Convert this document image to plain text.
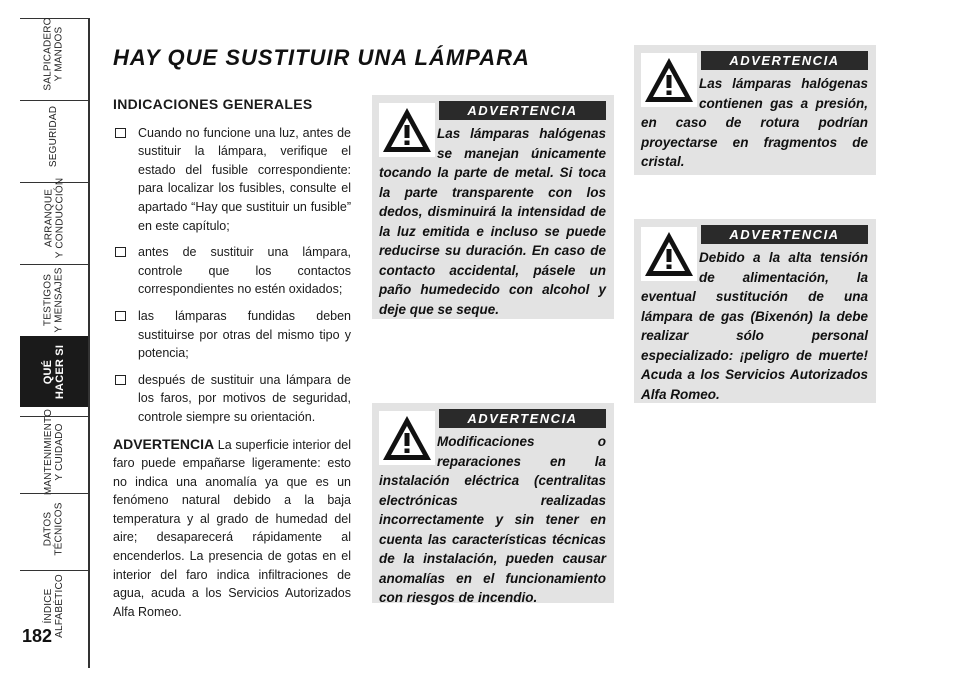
SALPICADERO
Y MANDOS
SEGURIDAD
ARRANQUE
Y CONDUCCIÓN
TESTIGOS
Y MENSAJES
QUÉ
HACER SI
MANTENIMIENTO
Y CUIDADO
DATOS
TÉCNICOS
ÍNDICE
ALFABÉTICO
182
HAY QUE SUSTITUIR UNA LÁMPARA
INDICACIONES GENERALES
Cuando no funcione una luz, antes de sustituir la lámpara, verifique el estado del fusible correspondiente: para localizar los fusibles, consulte el apartado “Hay que sustituir un fusible” en este capítulo;
antes de sustituir una lámpara, controle que los contactos correspondientes no estén oxidados;
las lámparas fundidas deben sustituirse por otras del mismo tipo y potencia;
después de sustituir una lámpara de los faros, por motivos de seguridad, controle siempre su orientación.
ADVERTENCIA La superficie interior del faro puede empañarse ligeramente: esto no indica una anomalía ya que es un fenómeno natural debido a la baja temperatura y al grado de humedad del aire; desaparecerá rápidamente al encenderlos. La presencia de gotas en el interior del faro indica infiltraciones de agua, acuda a los Servicios Autorizados Alfa Romeo.
ADVERTENCIA
Las lámparas halógenas se manejan únicamente tocando la parte de metal. Si toca la parte transparente con los dedos, disminuirá la intensidad de la luz emitida e incluso se puede reducirse su duración. En caso de contacto accidental, pásele un paño humedecido con alcohol y deje que se seque.
ADVERTENCIA
Modificaciones o reparaciones en la instalación eléctrica (centralitas electrónicas realizadas incorrectamente y sin tener en cuenta las características técnicas de la instalación, pueden causar anomalías en el funcionamiento con riesgos de incendio.
ADVERTENCIA
Las lámparas halógenas contienen gas a presión, en caso de rotura podrían proyectarse en fragmentos de cristal.
ADVERTENCIA
Debido a la alta tensión de alimentación, la eventual sustitución de una lámpara de gas (Bixenón) la debe realizar sólo personal especializado: ¡peligro de muerte! Acuda a los Servicios Autorizados Alfa Romeo.
